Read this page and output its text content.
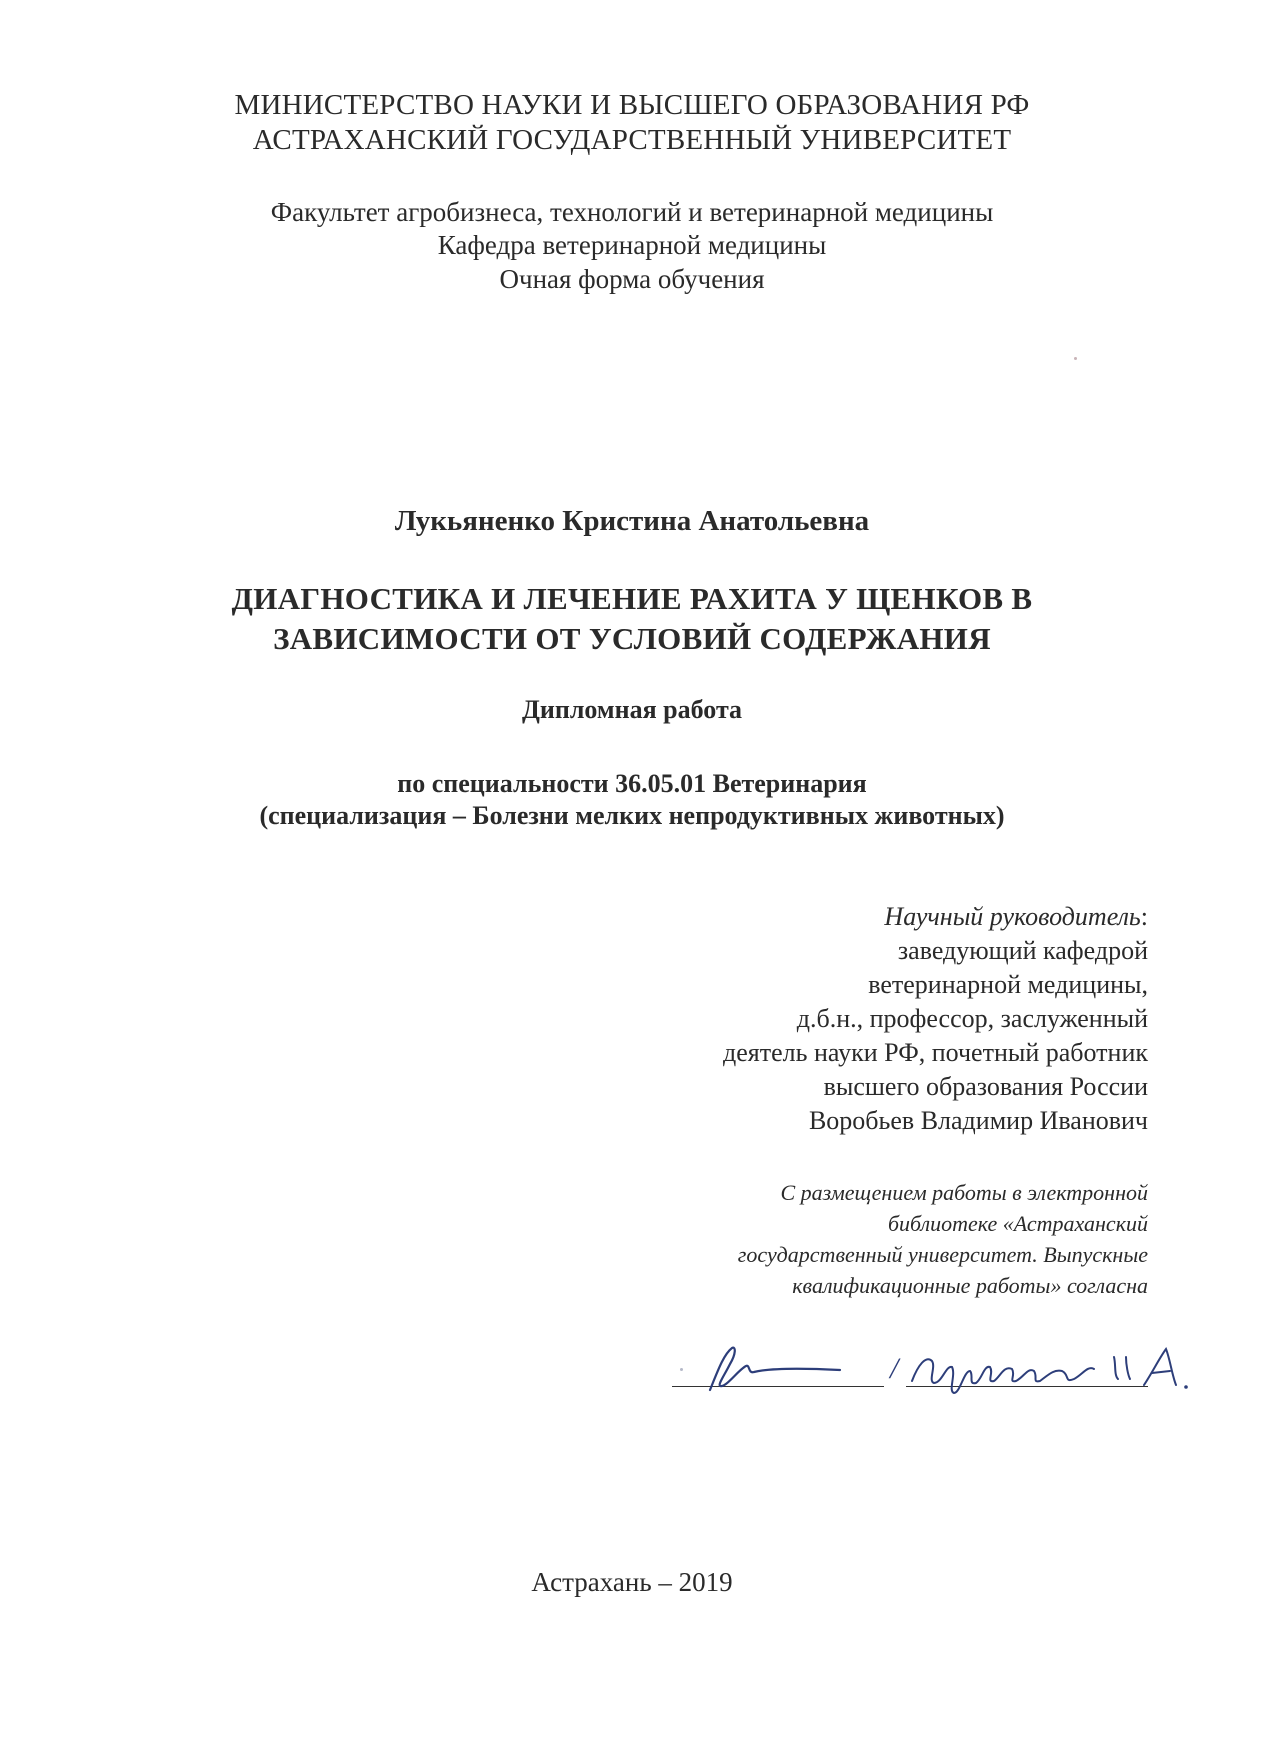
МИНИСТЕРСТВО НАУКИ И ВЫСШЕГО ОБРАЗОВАНИЯ РФ
АСТРАХАНСКИЙ ГОСУДАРСТВЕННЫЙ УНИВЕРСИТЕТ
Факультет агробизнеса, технологий и ветеринарной медицины
Кафедра ветеринарной медицины
Очная форма обучения
Лукьяненко Кристина Анатольевна
ДИАГНОСТИКА И ЛЕЧЕНИЕ РАХИТА У ЩЕНКОВ В
ЗАВИСИМОСТИ ОТ УСЛОВИЙ СОДЕРЖАНИЯ
Дипломная работа
по специальности 36.05.01 Ветеринария
(специализация – Болезни мелких непродуктивных животных)
Научный руководитель:
заведующий кафедрой
ветеринарной медицины,
д.б.н., профессор, заслуженный
деятель науки РФ, почетный работник
высшего образования России
Воробьев Владимир Иванович
С размещением работы в электронной
библиотеке «Астраханский
государственный университет. Выпускные
квалификационные работы» согласна
/
Астрахань – 2019
